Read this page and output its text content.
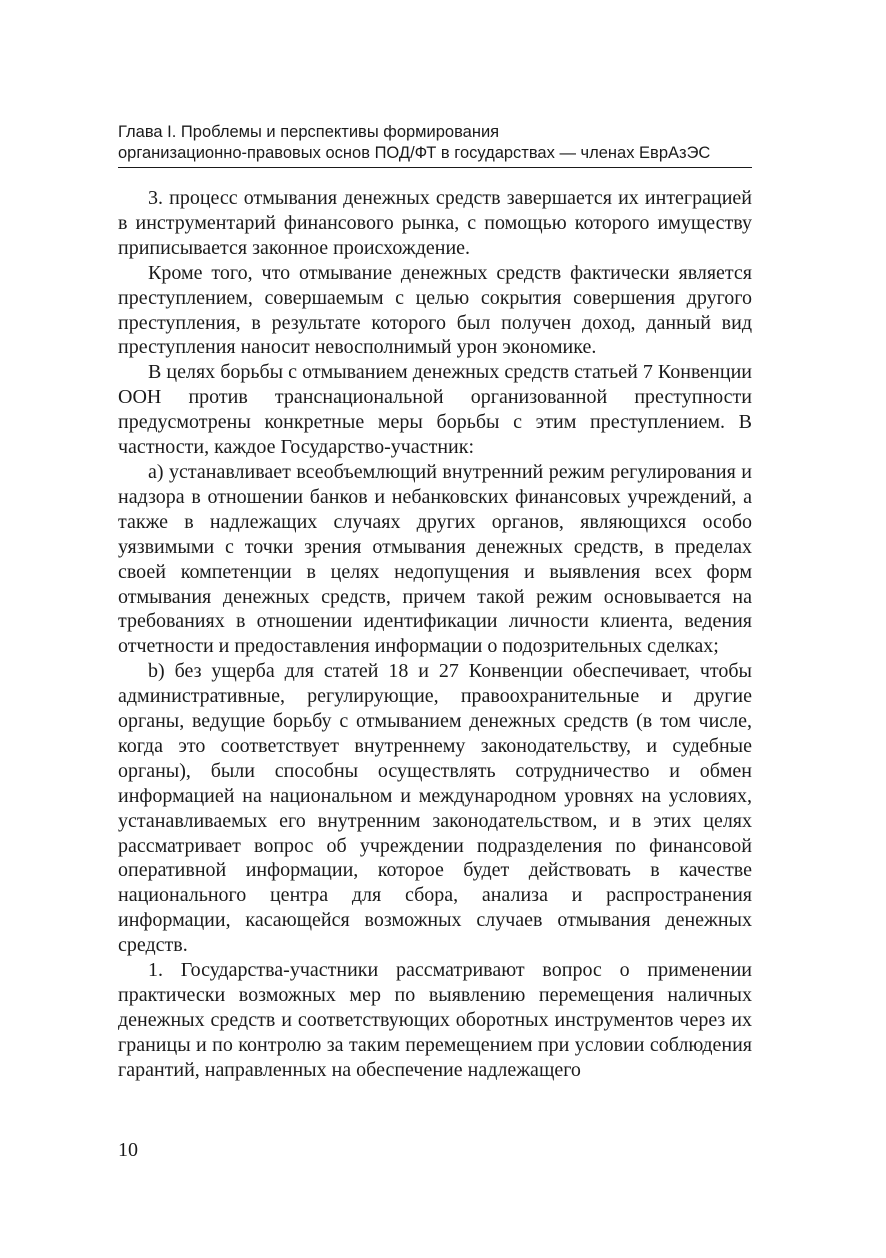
Глава I. Проблемы и перспективы формирования
организационно-правовых основ ПОД/ФТ в государствах — членах ЕврАзЭС

3. процесс отмывания денежных средств завершается их интеграцией в инструментарий финансового рынка, с помощью которого имуществу приписывается законное происхождение.

Кроме того, что отмывание денежных средств фактически является преступлением, совершаемым с целью сокрытия совершения другого преступления, в результате которого был получен доход, данный вид преступления наносит невосполнимый урон экономике.

В целях борьбы с отмыванием денежных средств статьей 7 Конвенции ООН против транснациональной организованной преступности предусмотрены конкретные меры борьбы с этим преступлением. В частности, каждое Государство-участник:

a) устанавливает всеобъемлющий внутренний режим регулирования и надзора в отношении банков и небанковских финансовых учреждений, а также в надлежащих случаях других органов, являющихся особо уязвимыми с точки зрения отмывания денежных средств, в пределах своей компетенции в целях недопущения и выявления всех форм отмывания денежных средств, причем такой режим основывается на требованиях в отношении идентификации личности клиента, ведения отчетности и предоставления информации о подозрительных сделках;

b) без ущерба для статей 18 и 27 Конвенции обеспечивает, чтобы административные, регулирующие, правоохранительные и другие органы, ведущие борьбу с отмыванием денежных средств (в том числе, когда это соответствует внутреннему законодательству, и судебные органы), были способны осуществлять сотрудничество и обмен информацией на национальном и международном уровнях на условиях, устанавливаемых его внутренним законодательством, и в этих целях рассматривает вопрос об учреждении подразделения по финансовой оперативной информации, которое будет действовать в качестве национального центра для сбора, анализа и распространения информации, касающейся возможных случаев отмывания денежных средств.

1. Государства-участники рассматривают вопрос о применении практически возможных мер по выявлению перемещения наличных денежных средств и соответствующих оборотных инструментов через их границы и по контролю за таким перемещением при условии соблюдения гарантий, направленных на обеспечение надлежащего

10
